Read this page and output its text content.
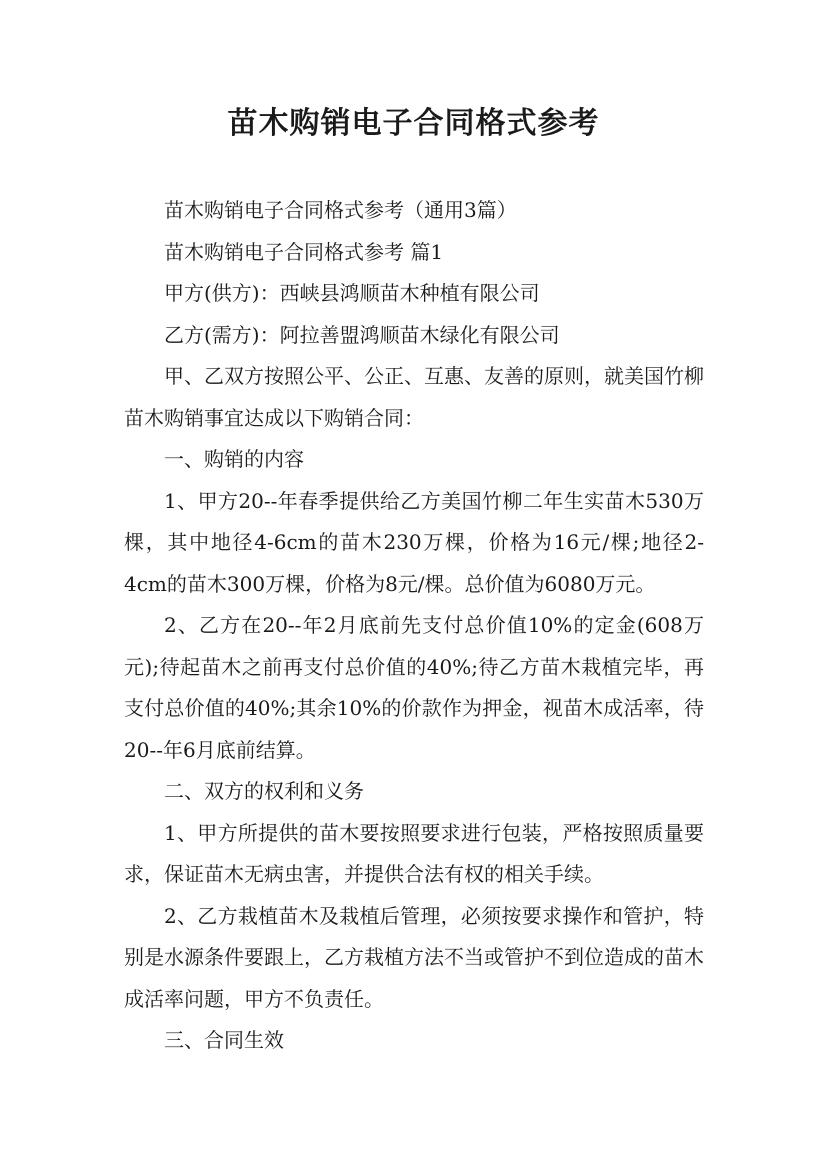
苗木购销电子合同格式参考

苗木购销电子合同格式参考（通用3篇）

苗木购销电子合同格式参考 篇1

甲方(供方)：西峡县鸿顺苗木种植有限公司

乙方(需方)：阿拉善盟鸿顺苗木绿化有限公司

甲、乙双方按照公平、公正、互惠、友善的原则，就美国竹柳苗木购销事宜达成以下购销合同：

一、购销的内容

1、甲方20--年春季提供给乙方美国竹柳二年生实苗木530万棵，其中地径4-6cm的苗木230万棵，价格为16元/棵;地径2-4cm的苗木300万棵，价格为8元/棵。总价值为6080万元。

2、乙方在20--年2月底前先支付总价值10%的定金(608万元);待起苗木之前再支付总价值的40%;待乙方苗木栽植完毕，再支付总价值的40%;其余10%的价款作为押金，视苗木成活率，待20--年6月底前结算。

二、双方的权利和义务

1、甲方所提供的苗木要按照要求进行包装，严格按照质量要求，保证苗木无病虫害，并提供合法有权的相关手续。

2、乙方栽植苗木及栽植后管理，必须按要求操作和管护，特别是水源条件要跟上，乙方栽植方法不当或管护不到位造成的苗木成活率问题，甲方不负责任。

三、合同生效
